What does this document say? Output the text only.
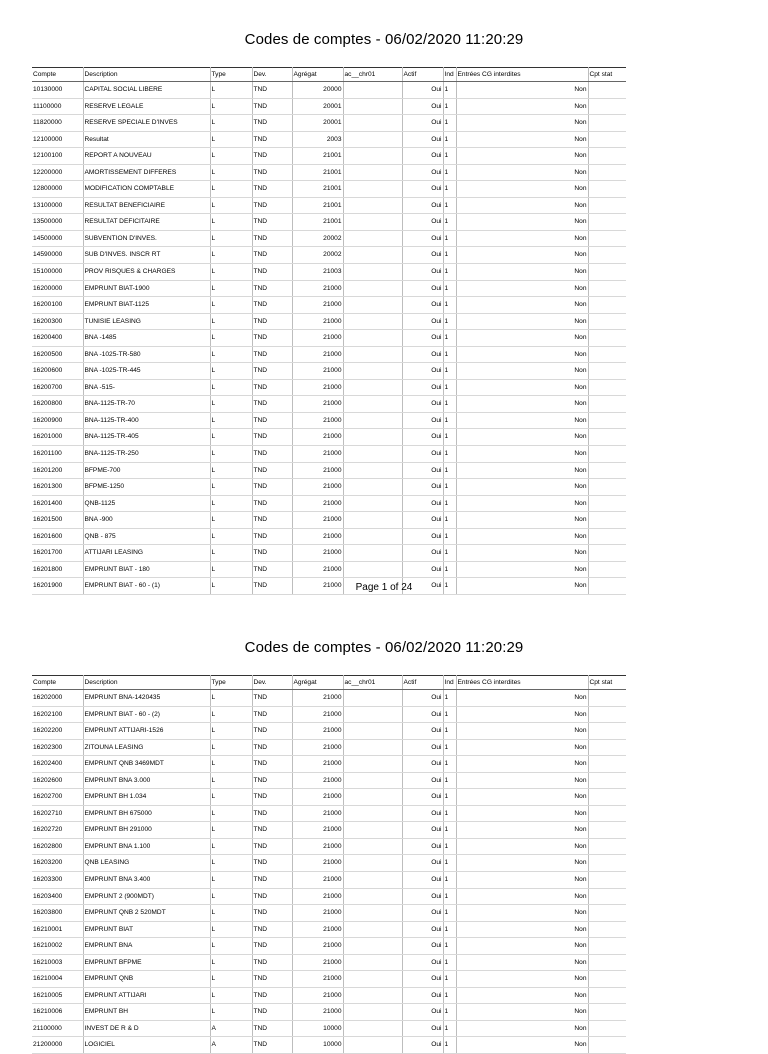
Codes de comptes - 06/02/2020 11:20:29
Compte	Description	Type	Dev.	Agrégat	ac__chr01	Actif	Ind	Entrées CG interdites	Cpt stat
10130000	CAPITAL SOCIAL LIBERE	L	TND	20000		Oui	1	Non	
11100000	RESERVE LEGALE	L	TND	20001		Oui	1	Non	
11820000	RESERVE SPECIALE D'INVES	L	TND	20001		Oui	1	Non	
12100000	Resultat	L	TND	2003		Oui	1	Non	
12100100	REPORT A NOUVEAU	L	TND	21001		Oui	1	Non	
12200000	AMORTISSEMENT DIFFERES	L	TND	21001		Oui	1	Non	
12800000	MODIFICATION COMPTABLE	L	TND	21001		Oui	1	Non	
13100000	RESULTAT BENEFICIAIRE	L	TND	21001		Oui	1	Non	
13500000	RESULTAT DEFICITAIRE	L	TND	21001		Oui	1	Non	
14500000	SUBVENTION D'INVES.	L	TND	20002		Oui	1	Non	
14590000	SUB D'INVES. INSCR RT	L	TND	20002		Oui	1	Non	
15100000	PROV RISQUES & CHARGES	L	TND	21003		Oui	1	Non	
16200000	EMPRUNT BIAT-1900	L	TND	21000		Oui	1	Non	
16200100	EMPRUNT BIAT-1125	L	TND	21000		Oui	1	Non	
16200300	TUNISIE LEASING	L	TND	21000		Oui	1	Non	
16200400	BNA -1485	L	TND	21000		Oui	1	Non	
16200500	BNA -1025-TR-580	L	TND	21000		Oui	1	Non	
16200600	BNA -1025-TR-445	L	TND	21000		Oui	1	Non	
16200700	BNA -515-	L	TND	21000		Oui	1	Non	
16200800	BNA-1125-TR-70	L	TND	21000		Oui	1	Non	
16200900	BNA-1125-TR-400	L	TND	21000		Oui	1	Non	
16201000	BNA-1125-TR-405	L	TND	21000		Oui	1	Non	
16201100	BNA-1125-TR-250	L	TND	21000		Oui	1	Non	
16201200	BFPME-700	L	TND	21000		Oui	1	Non	
16201300	BFPME-1250	L	TND	21000		Oui	1	Non	
16201400	QNB-1125	L	TND	21000		Oui	1	Non	
16201500	BNA -900	L	TND	21000		Oui	1	Non	
16201600	QNB - 875	L	TND	21000		Oui	1	Non	
16201700	ATTIJARI LEASING	L	TND	21000		Oui	1	Non	
16201800	EMPRUNT BIAT - 180	L	TND	21000		Oui	1	Non	
16201900	EMPRUNT BIAT - 60 - (1)	L	TND	21000		Oui	1	Non	
Page 1 of 24
Codes de comptes - 06/02/2020 11:20:29
Compte	Description	Type	Dev.	Agrégat	ac__chr01	Actif	Ind	Entrées CG interdites	Cpt stat
16202000	EMPRUNT BNA-1420435	L	TND	21000		Oui	1	Non	
16202100	EMPRUNT BIAT - 60 - (2)	L	TND	21000		Oui	1	Non	
16202200	EMPRUNT ATTIJARI-1526	L	TND	21000		Oui	1	Non	
16202300	ZITOUNA LEASING	L	TND	21000		Oui	1	Non	
16202400	EMPRUNT QNB 3469MDT	L	TND	21000		Oui	1	Non	
16202600	EMPRUNT BNA 3.000	L	TND	21000		Oui	1	Non	
16202700	EMPRUNT BH 1.034	L	TND	21000		Oui	1	Non	
16202710	EMPRUNT BH 675000	L	TND	21000		Oui	1	Non	
16202720	EMPRUNT BH 291000	L	TND	21000		Oui	1	Non	
16202800	EMPRUNT BNA 1.100	L	TND	21000		Oui	1	Non	
16203200	QNB LEASING	L	TND	21000		Oui	1	Non	
16203300	EMPRUNT BNA 3.400	L	TND	21000		Oui	1	Non	
16203400	EMPRUNT 2 (900MDT)	L	TND	21000		Oui	1	Non	
16203800	EMPRUNT QNB 2 520MDT	L	TND	21000		Oui	1	Non	
16210001	EMPRUNT BIAT	L	TND	21000		Oui	1	Non	
16210002	EMPRUNT BNA	L	TND	21000		Oui	1	Non	
16210003	EMPRUNT BFPME	L	TND	21000		Oui	1	Non	
16210004	EMPRUNT QNB	L	TND	21000		Oui	1	Non	
16210005	EMPRUNT ATTIJARI	L	TND	21000		Oui	1	Non	
16210006	EMPRUNT BH	L	TND	21000		Oui	1	Non	
21100000	INVEST DE R & D	A	TND	10000		Oui	1	Non	
21200000	LOGICIEL	A	TND	10000		Oui	1	Non	
